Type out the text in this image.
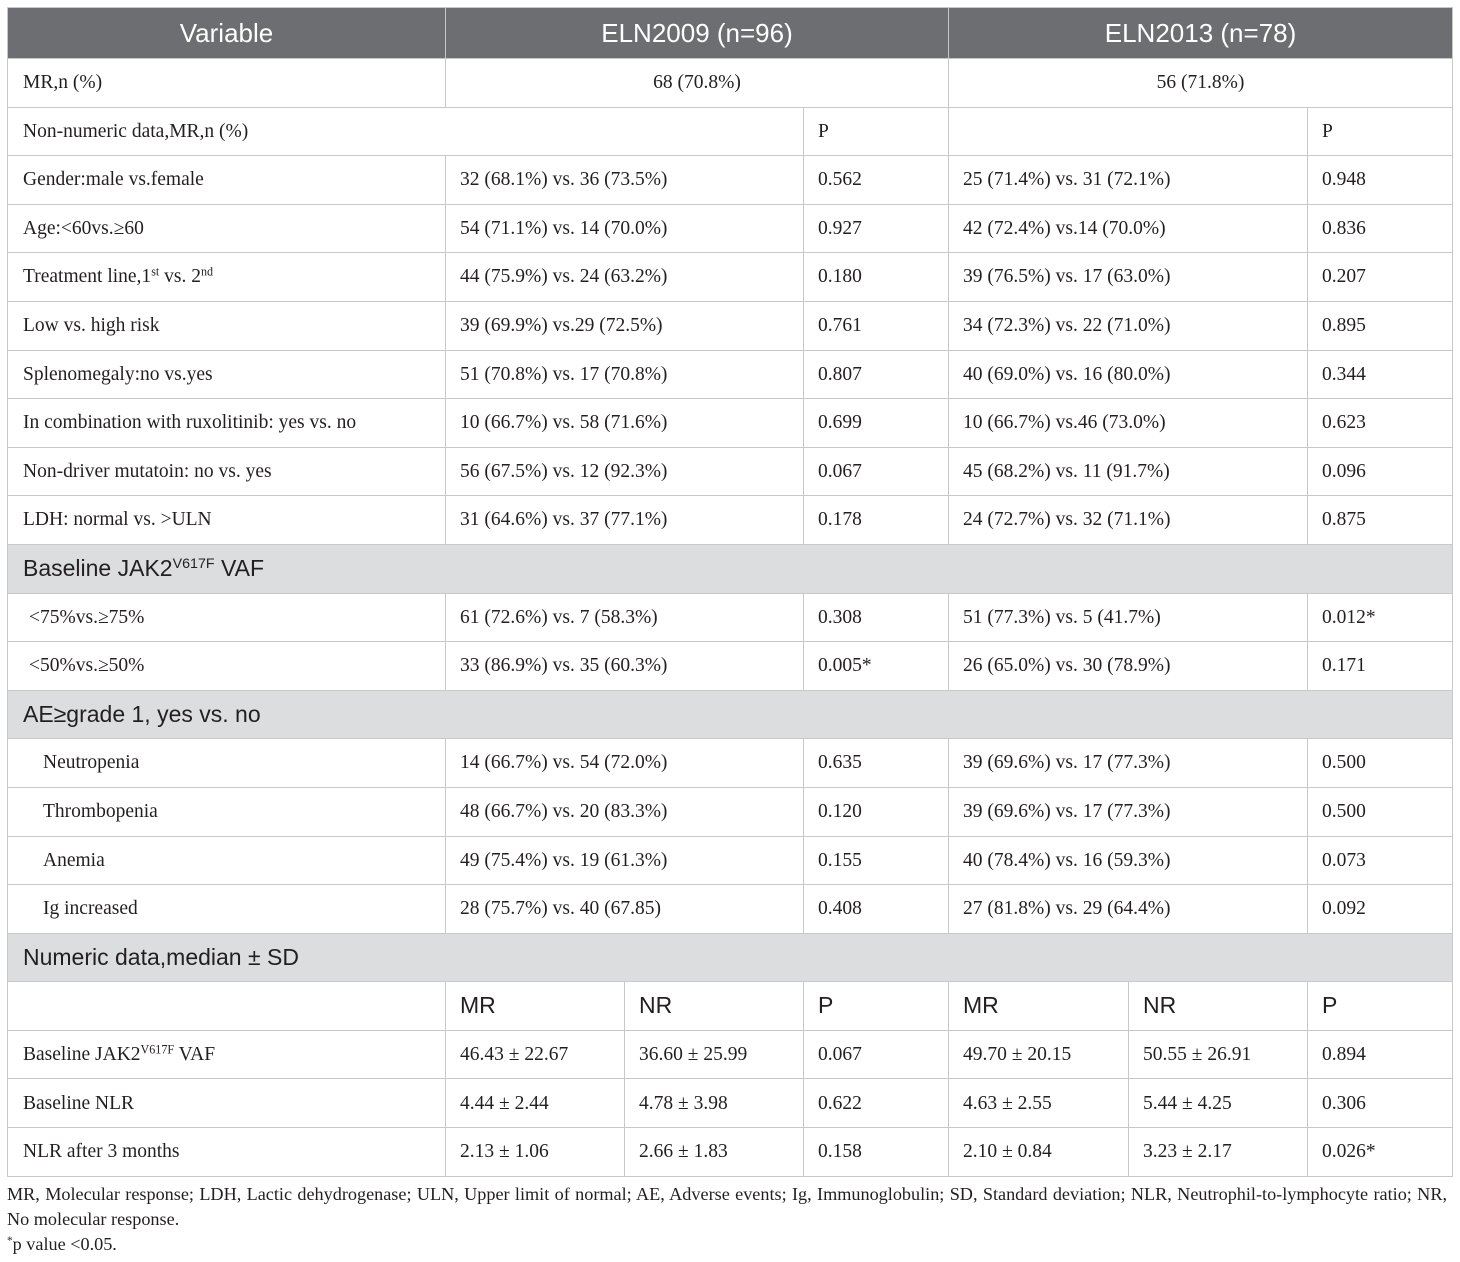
Variable	ELN2009 (n=96)			ELN2013 (n=78)		
MR,n (%)	68 (70.8%)			56 (71.8%)		
Non-numeric data,MR,n (%)			P			P
Gender:male vs.female	32 (68.1%) vs. 36 (73.5%)		0.562	25 (71.4%) vs. 31 (72.1%)		0.948
Age:<60vs.≥60	54 (71.1%) vs. 14 (70.0%)		0.927	42 (72.4%) vs.14 (70.0%)		0.836
Treatment line,1st vs. 2nd	44 (75.9%) vs. 24 (63.2%)		0.180	39 (76.5%) vs. 17 (63.0%)		0.207
Low vs. high risk	39 (69.9%) vs.29 (72.5%)		0.761	34 (72.3%) vs. 22 (71.0%)		0.895
Splenomegaly:no vs.yes	51 (70.8%) vs. 17 (70.8%)		0.807	40 (69.0%) vs. 16 (80.0%)		0.344
In combination with ruxolitinib: yes vs. no	10 (66.7%) vs. 58 (71.6%)		0.699	10 (66.7%) vs.46 (73.0%)		0.623
Non-driver mutatoin: no vs. yes	56 (67.5%) vs. 12 (92.3%)		0.067	45 (68.2%) vs. 11 (91.7%)		0.096
LDH: normal vs. >ULN	31 (64.6%) vs. 37 (77.1%)		0.178	24 (72.7%) vs. 32 (71.1%)		0.875
Baseline $JAK2^{V617F}$ VAF						
<75%vs.≥75%	61 (72.6%) vs. 7 (58.3%)		0.308	51 (77.3%) vs. 5 (41.7%)		0.012*
<50%vs.≥50%	33 (86.9%) vs. 35 (60.3%)		0.005*	26 (65.0%) vs. 30 (78.9%)		0.171
AE≥grade 1, yes vs. no						
Neutropenia	14 (66.7%) vs. 54 (72.0%)		0.635	39 (69.6%) vs. 17 (77.3%)		0.500
Thrombopenia	48 (66.7%) vs. 20 (83.3%)		0.120	39 (69.6%) vs. 17 (77.3%)		0.500
Anemia	49 (75.4%) vs. 19 (61.3%)		0.155	40 (78.4%) vs. 16 (59.3%)		0.073
Ig increased	28 (75.7%) vs. 40 (67.85)		0.408	27 (81.8%) vs. 29 (64.4%)		0.092
Numeric data,median ± SD						
	MR	NR	P	MR	NR	P
Baseline $JAK2^{V617F}$ VAF	46.43 ± 22.67	36.60 ± 25.99	0.067	49.70 ± 20.15	50.55 ± 26.91	0.894
Baseline NLR	4.44 ± 2.44	4.78 ± 3.98	0.622	4.63 ± 2.55	5.44 ± 4.25	0.306
NLR after 3 months	2.13 ± 1.06	2.66 ± 1.83	0.158	2.10 ± 0.84	3.23 ± 2.17	0.026*

MR, Molecular response; LDH, Lactic dehydrogenase; ULN, Upper limit of normal; AE, Adverse events; Ig, Immunoglobulin; SD, Standard deviation; NLR, Neutrophil-to-lymphocyte ratio; NR, No molecular response.

*p value <0.05.
